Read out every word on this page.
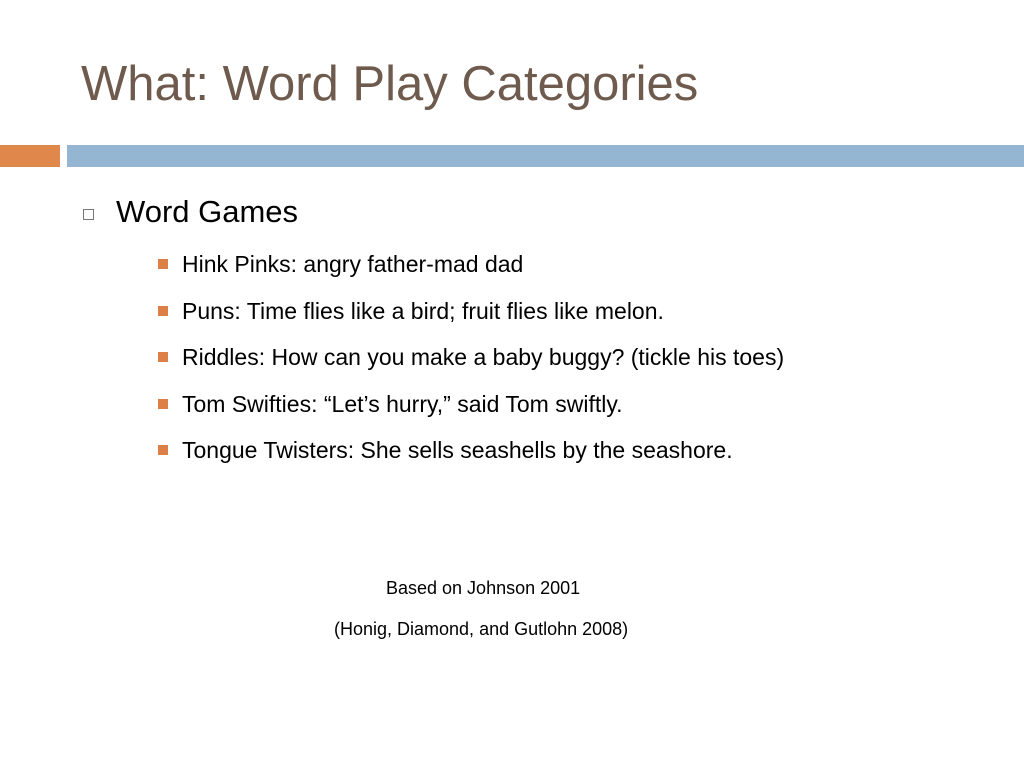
What: Word Play Categories
Word Games
Hink Pinks: angry father-mad dad
Puns: Time flies like a bird; fruit flies like melon.
Riddles: How can you make a baby buggy? (tickle his toes)
Tom Swifties: “Let’s hurry,” said Tom swiftly.
Tongue Twisters: She sells seashells by the seashore.
Based on Johnson 2001
(Honig, Diamond, and Gutlohn 2008)
